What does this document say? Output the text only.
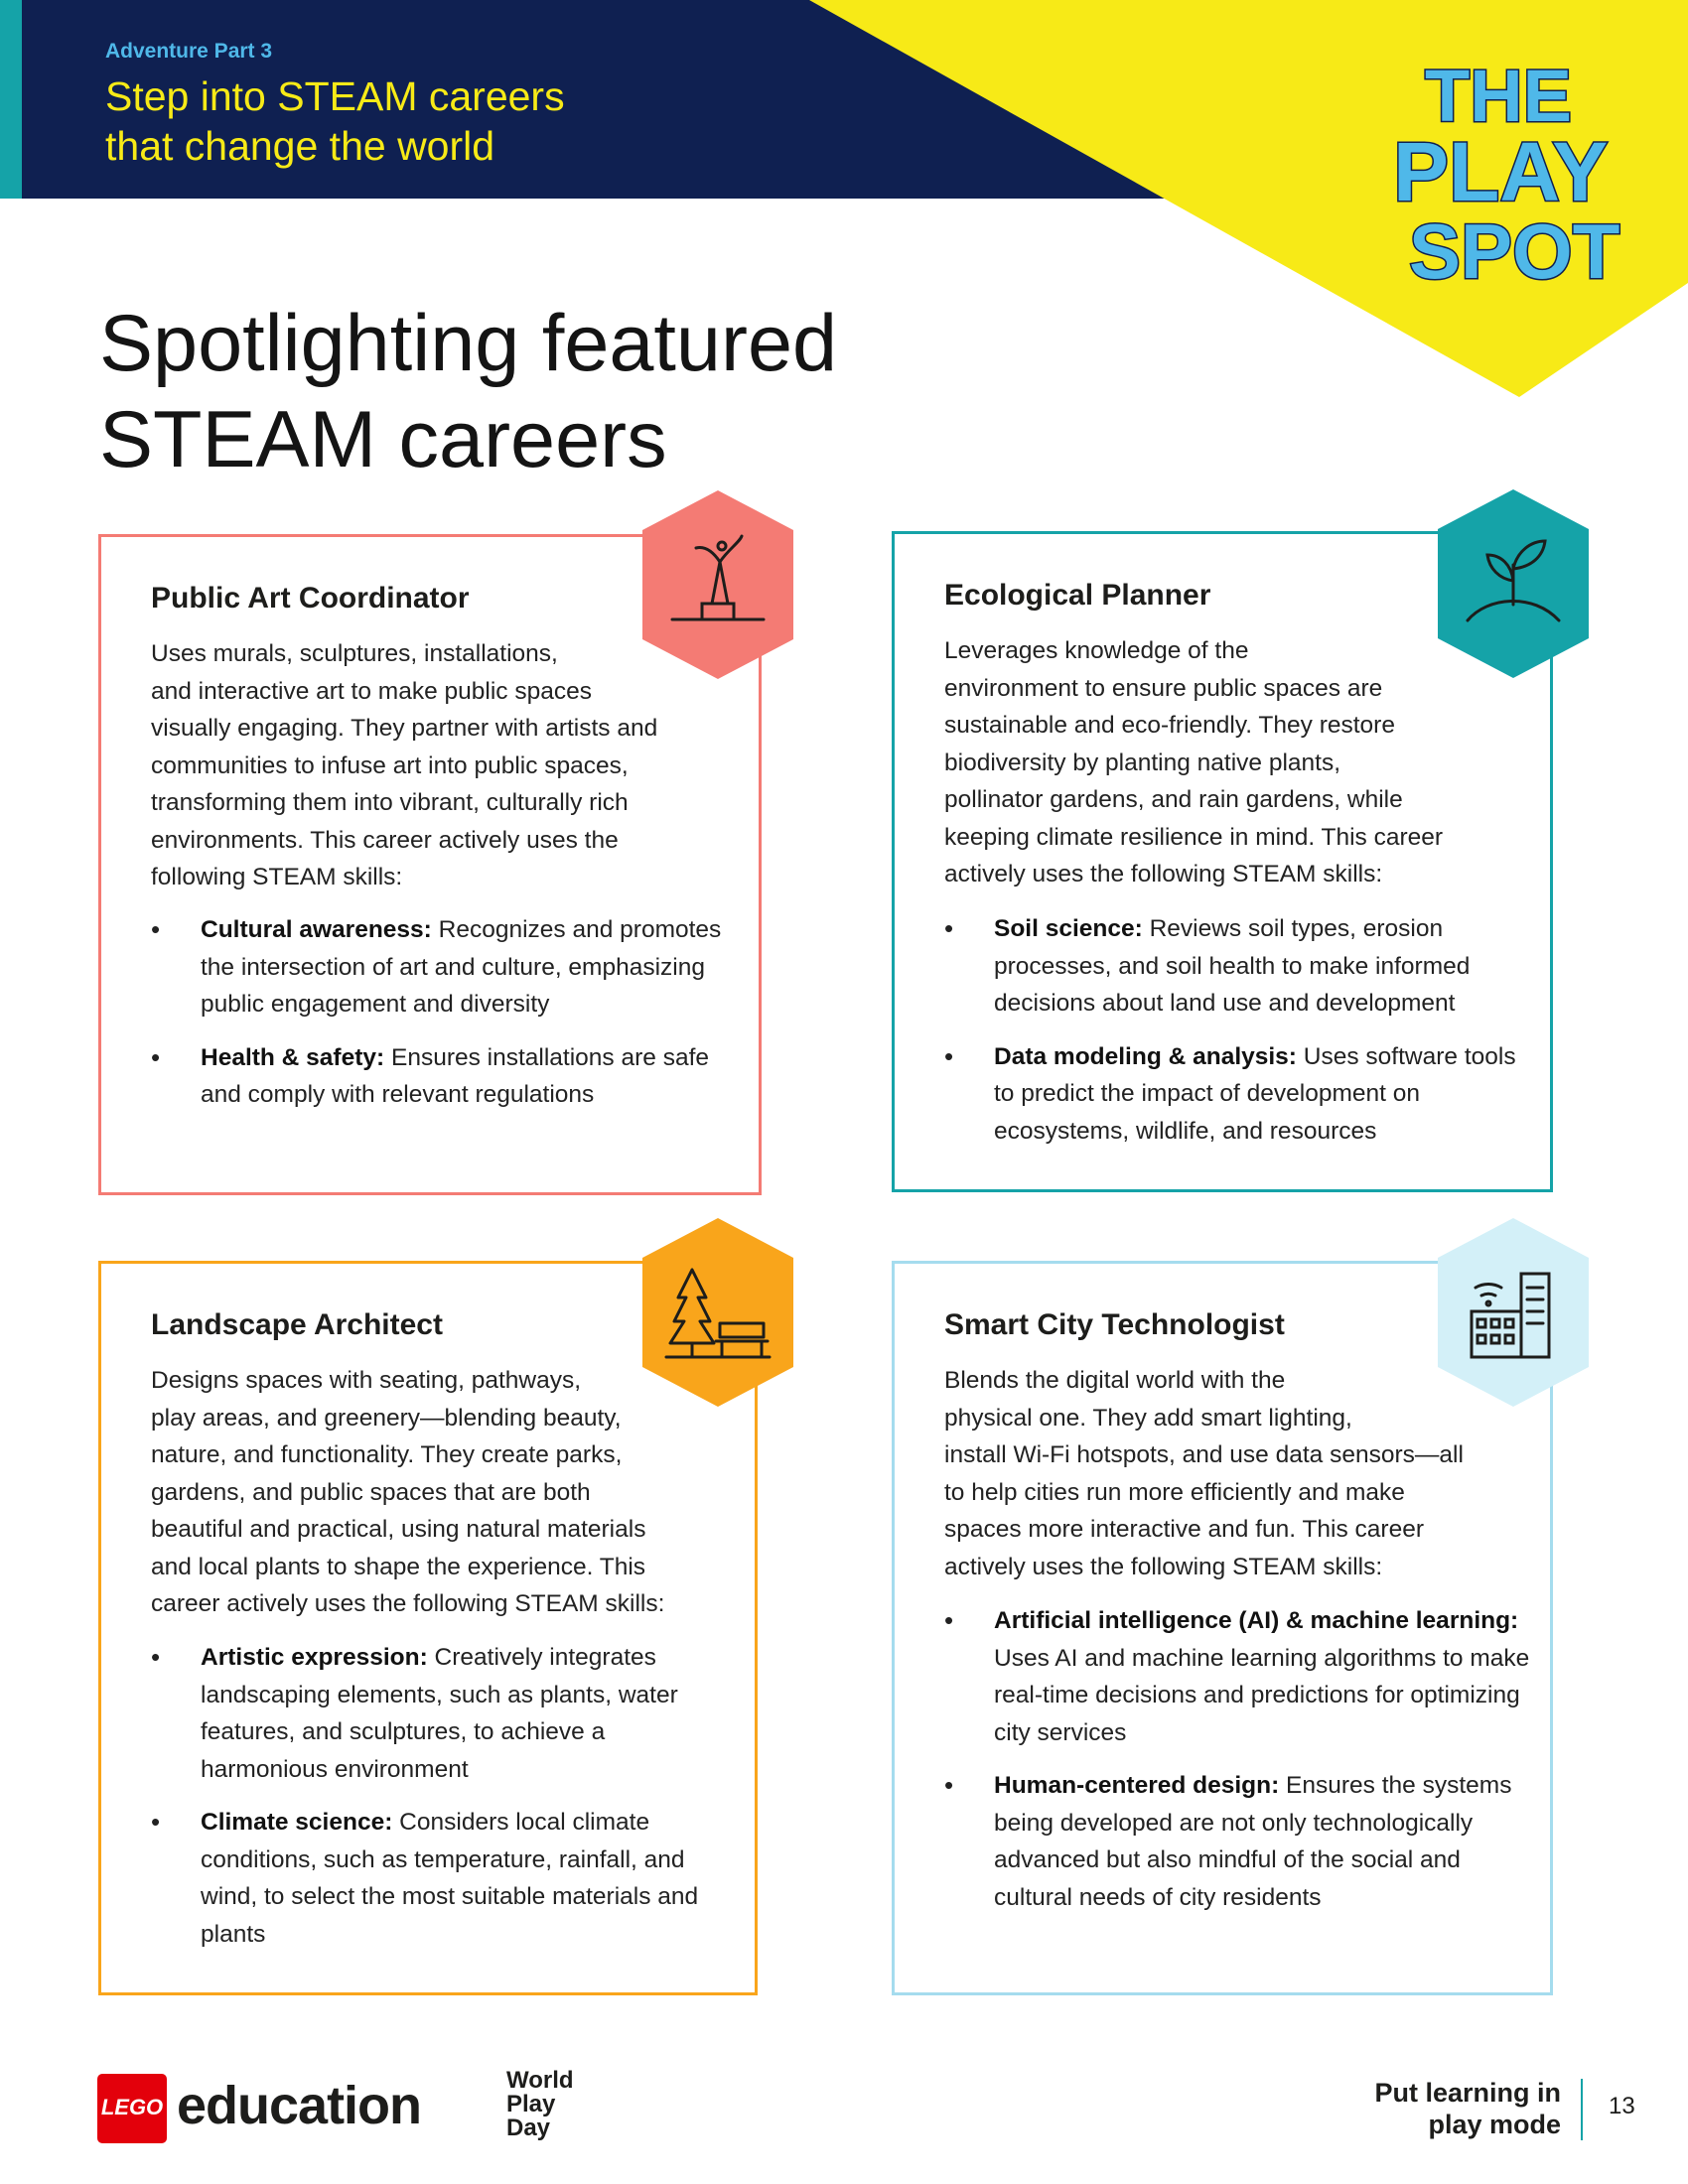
Adventure Part 3
Step into STEAM careers
that change the world
THE
PLAY
SPOT
Spotlighting featured
STEAM careers
Public Art Coordinator
Uses murals, sculptures, installations,
and interactive art to make public spaces
visually engaging. They partner with artists and
communities to infuse art into public spaces,
transforming them into vibrant, culturally rich
environments. This career actively uses the
following STEAM skills:
• Cultural awareness: Recognizes and promotes the intersection of art and culture, emphasizing public engagement and diversity
• Health & safety: Ensures installations are safe and comply with relevant regulations
Ecological Planner
Leverages knowledge of the
environment to ensure public spaces are
sustainable and eco-friendly. They restore
biodiversity by planting native plants,
pollinator gardens, and rain gardens, while
keeping climate resilience in mind. This career
actively uses the following STEAM skills:
• Soil science: Reviews soil types, erosion processes, and soil health to make informed decisions about land use and development
• Data modeling & analysis: Uses software tools to predict the impact of development on ecosystems, wildlife, and resources
Landscape Architect
Designs spaces with seating, pathways,
play areas, and greenery—blending beauty,
nature, and functionality. They create parks,
gardens, and public spaces that are both
beautiful and practical, using natural materials
and local plants to shape the experience. This
career actively uses the following STEAM skills:
• Artistic expression: Creatively integrates landscaping elements, such as plants, water features, and sculptures, to achieve a harmonious environment
• Climate science: Considers local climate conditions, such as temperature, rainfall, and wind, to select the most suitable materials and plants
Smart City Technologist
Blends the digital world with the
physical one. They add smart lighting,
install Wi-Fi hotspots, and use data sensors—all
to help cities run more efficiently and make
spaces more interactive and fun. This career
actively uses the following STEAM skills:
• Artificial intelligence (AI) & machine learning: Uses AI and machine learning algorithms to make real-time decisions and predictions for optimizing city services
• Human-centered design: Ensures the systems being developed are not only technologically advanced but also mindful of the social and cultural needs of city residents
LEGO education	World
Play
Day
Put learning in
play mode
13
